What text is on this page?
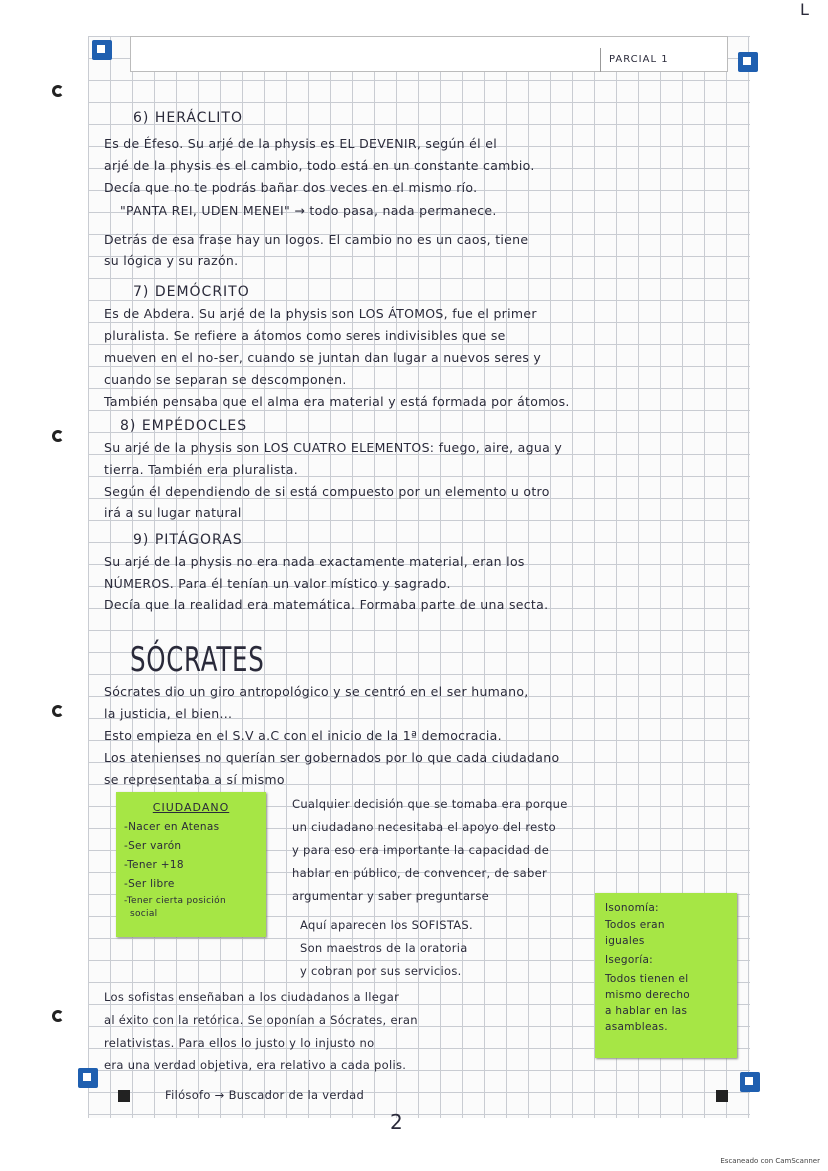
L
PARCIAL 1
6) HERÁCLITO
Es de Éfeso. Su arjé de la physis es EL DEVENIR, según él el
arjé de la physis es el cambio, todo está en un constante cambio.
Decía que no te podrás bañar dos veces en el mismo río.
"PANTA REI, UDEN MENEI" → todo pasa, nada permanece.
Detrás de esa frase hay un logos. El cambio no es un caos, tiene
su lógica y su razón.
7) DEMÓCRITO
Es de Abdera. Su arjé de la physis son LOS ÁTOMOS, fue el primer
pluralista. Se refiere a átomos como seres indivisibles que se
mueven en el no-ser, cuando se juntan dan lugar a nuevos seres y
cuando se separan se descomponen.
También pensaba que el alma era material y está formada por átomos.
8) EMPÉDOCLES
Su arjé de la physis son LOS CUATRO ELEMENTOS: fuego, aire, agua y
tierra. También era pluralista.
Según él dependiendo de si está compuesto por un elemento u otro
irá a su lugar natural
9) PITÁGORAS
Su arjé de la physis no era nada exactamente material, eran los
NÚMEROS. Para él tenían un valor místico y sagrado.
Decía que la realidad era matemática. Formaba parte de una secta.
SÓCRATES
Sócrates dio un giro antropológico y se centró en el ser humano,
la justicia, el bien...
Esto empieza en el S.V a.C con el inicio de la 1ª democracia.
Los atenienses no querían ser gobernados por lo que cada ciudadano
se representaba a sí mismo
CIUDADANO
-Nacer en Atenas
-Ser varón
-Tener +18
-Ser libre
-Tener cierta posición
social
Cualquier decisión que se tomaba era porque
un ciudadano necesitaba el apoyo del resto
y para eso era importante la capacidad de
hablar en público, de convencer, de saber
argumentar y saber preguntarse
Aquí aparecen los SOFISTAS.
Son maestros de la oratoria
y cobran por sus servicios.
Isonomía:
Todos eran
iguales
Isegoría:
Todos tienen el
mismo derecho
a hablar en las
asambleas.
Los sofistas enseñaban a los ciudadanos a llegar
al éxito con la retórica. Se oponían a Sócrates, eran
relativistas. Para ellos lo justo y lo injusto no
era una verdad objetiva, era relativo a cada polis.
Filósofo → Buscador de la verdad
2
Escaneado con CamScanner
